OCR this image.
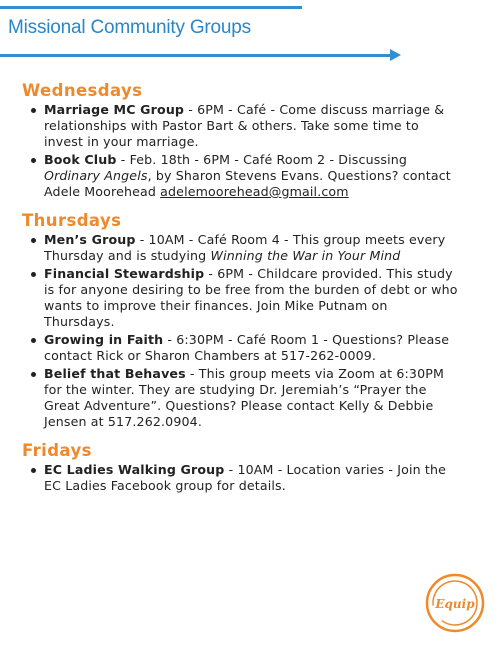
Missional Community Groups
Wednesdays
Marriage MC Group - 6PM - Café - Come discuss marriage & relationships with Pastor Bart & others. Take some time to invest in your marriage.
Book Club - Feb. 18th - 6PM - Café Room 2 - Discussing Ordinary Angels, by Sharon Stevens Evans. Questions? contact Adele Moorehead adelemoorehead@gmail.com
Thursdays
Men’s Group - 10AM - Café Room 4 - This group meets every Thursday and is studying Winning the War in Your Mind
Financial Stewardship - 6PM - Childcare provided. This study is for anyone desiring to be free from the burden of debt or who wants to improve their finances. Join Mike Putnam on Thursdays.
Growing in Faith - 6:30PM - Café Room 1 - Questions? Please contact Rick or Sharon Chambers at 517-262-0009.
Belief that Behaves - This group meets via Zoom at 6:30PM for the winter. They are studying Dr. Jeremiah’s “Prayer the Great Adventure”. Questions? Please contact Kelly & Debbie Jensen at 517.262.0904.
Fridays
EC Ladies Walking Group - 10AM - Location varies - Join the EC Ladies Facebook group for details.
Equip
